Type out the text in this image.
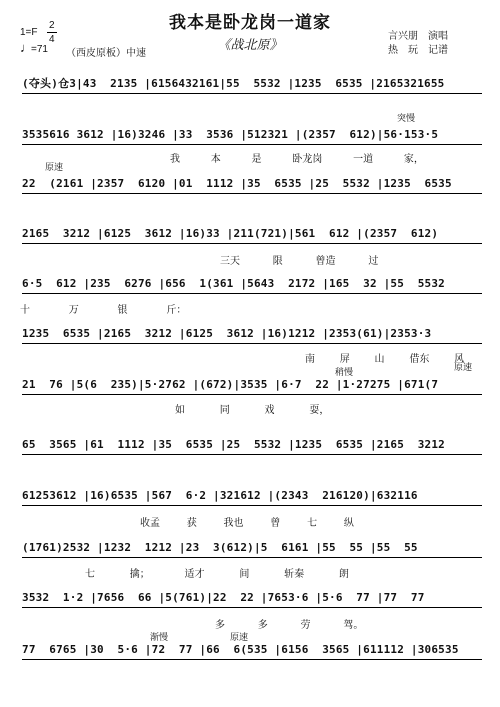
我本是卧龙岗一道家
《战北原》
1=F
2
4
♩
=71 （西皮原板）中速
言兴朋　演唱
热　玩　记谱
(夺头)仓3|43  2135 |6156432161|55  5532 |1235  6535 |2165321655
3535616 3612 |16)3246 |33  3536 |512321 |(2357  612)|56·153·5
我 本 是 卧龙岗 一道 家，
突慢
原速
22  (2161 |2357  6120 |01  1112 |35  6535 |25  5532 |1235  6535
2165  3212 |6125  3612 |16)33 |211(721)|561  612 |(2357  612)
三天 限 曾造 过
6·5  612 |235  6276 |656  1(361 |5643  2172 |165  32 |55  5532
十 万 银 斤：
1235  6535 |2165  3212 |6125  3612 |16)1212 |2353(61)|2353·3
南 屏 山 借东 风
稍慢	原速
21  76 |5(6  235)|5·2762 |(672)|3535 |6·7  22 |1·27275 |671(7
如 同 戏 耍，
65  3565 |61  1112 |35  6535 |25  5532 |1235  6535 |2165  3212
61253612 |16)6535 |567  6·2 |321612 |(2343  216120)|632116
收孟 获 我也 曾 七 纵
(1761)2532 |1232  1212 |23  3(612)|5  6161 |55  55 |55  55
七 擒； 适才 间 斩秦 朗
3532  1·2 |7656  66 |5(761)|22  22 |7653·6 |5·6  77 |77  77
多 多 劳 驾。
渐慢	原速
77  6765 |30  5·6 |72  77 |66  6(535 |6156  3565 |611112 |306535
